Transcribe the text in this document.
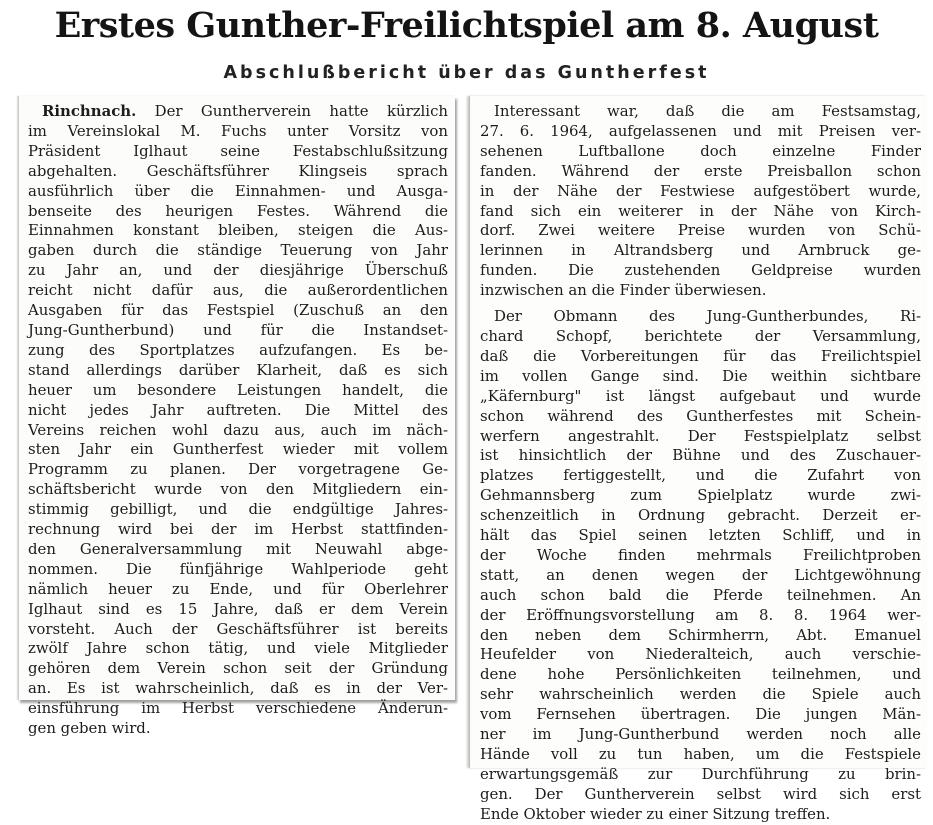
Erstes Gunther-Freilichtspiel am 8. August
Abschlußbericht über das Guntherfest

Rinchnach. Der Guntherverein hatte kürzlich
im Vereinslokal M. Fuchs unter Vorsitz von
Präsident Iglhaut seine Festabschlußsitzung
abgehalten. Geschäftsführer Klingseis sprach
ausführlich über die Einnahmen- und Ausga-
benseite des heurigen Festes. Während die
Einnahmen konstant bleiben, steigen die Aus-
gaben durch die ständige Teuerung von Jahr
zu Jahr an, und der diesjährige Überschuß
reicht nicht dafür aus, die außerordentlichen
Ausgaben für das Festspiel (Zuschuß an den
Jung-Guntherbund) und für die Instandset-
zung des Sportplatzes aufzufangen. Es be-
stand allerdings darüber Klarheit, daß es sich
heuer um besondere Leistungen handelt, die
nicht jedes Jahr auftreten. Die Mittel des
Vereins reichen wohl dazu aus, auch im näch-
sten Jahr ein Guntherfest wieder mit vollem
Programm zu planen. Der vorgetragene Ge-
schäftsbericht wurde von den Mitgliedern ein-
stimmig gebilligt, und die endgültige Jahres-
rechnung wird bei der im Herbst stattfinden-
den Generalversammlung mit Neuwahl abge-
nommen. Die fünfjährige Wahlperiode geht
nämlich heuer zu Ende, und für Oberlehrer
Iglhaut sind es 15 Jahre, daß er dem Verein
vorsteht. Auch der Geschäftsführer ist bereits
zwölf Jahre schon tätig, und viele Mitglieder
gehören dem Verein schon seit der Gründung
an. Es ist wahrscheinlich, daß es in der Ver-
einsführung im Herbst verschiedene Änderun-
gen geben wird.

Interessant war, daß die am Festsamstag,
27. 6. 1964, aufgelassenen und mit Preisen ver-
sehenen Luftballone doch einzelne Finder
fanden. Während der erste Preisballon schon
in der Nähe der Festwiese aufgestöbert wurde,
fand sich ein weiterer in der Nähe von Kirch-
dorf. Zwei weitere Preise wurden von Schü-
lerinnen in Altrandsberg und Arnbruck ge-
funden. Die zustehenden Geldpreise wurden
inzwischen an die Finder überwiesen.

Der Obmann des Jung-Guntherbundes, Ri-
chard Schopf, berichtete der Versammlung,
daß die Vorbereitungen für das Freilichtspiel
im vollen Gange sind. Die weithin sichtbare
„Käfernburg" ist längst aufgebaut und wurde
schon während des Guntherfestes mit Schein-
werfern angestrahlt. Der Festspielplatz selbst
ist hinsichtlich der Bühne und des Zuschauer-
platzes fertiggestellt, und die Zufahrt von
Gehmannsberg zum Spielplatz wurde zwi-
schenzeitlich in Ordnung gebracht. Derzeit er-
hält das Spiel seinen letzten Schliff, und in
der Woche finden mehrmals Freilichtproben
statt, an denen wegen der Lichtgewöhnung
auch schon bald die Pferde teilnehmen. An
der Eröffnungsvorstellung am 8. 8. 1964 wer-
den neben dem Schirmherrn, Abt. Emanuel
Heufelder von Niederalteich, auch verschie-
dene hohe Persönlichkeiten teilnehmen, und
sehr wahrscheinlich werden die Spiele auch
vom Fernsehen übertragen. Die jungen Män-
ner im Jung-Guntherbund werden noch alle
Hände voll zu tun haben, um die Festspiele
erwartungsgemäß zur Durchführung zu brin-
gen. Der Guntherverein selbst wird sich erst
Ende Oktober wieder zu einer Sitzung treffen.
